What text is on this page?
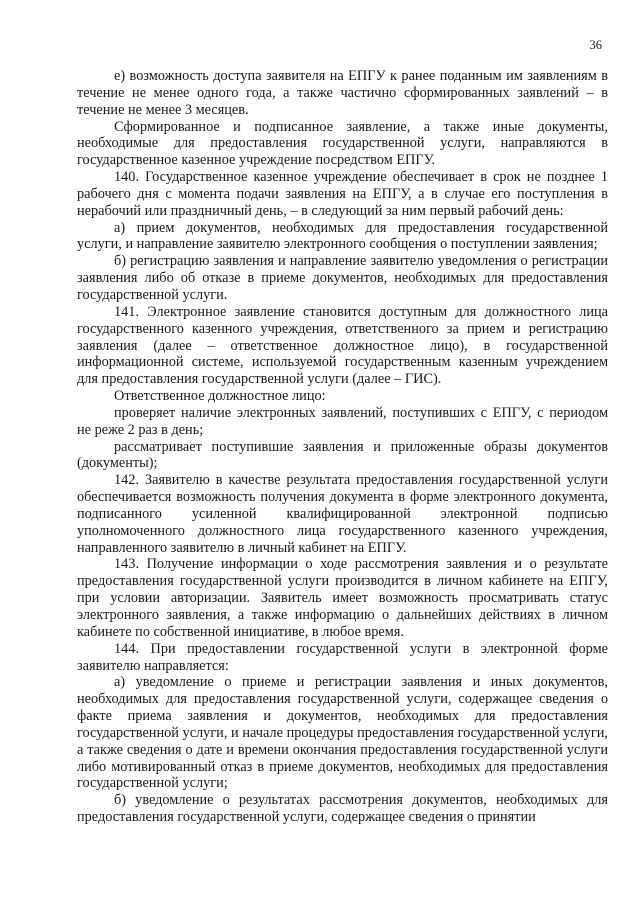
36

е) возможность доступа заявителя на ЕПГУ к ранее поданным им заявлениям в течение не менее одного года, а также частично сформированных заявлений – в течение не менее 3 месяцев.

Сформированное и подписанное заявление, а также иные документы, необходимые для предоставления государственной услуги, направляются в государственное казенное учреждение посредством ЕПГУ.

140. Государственное казенное учреждение обеспечивает в срок не позднее 1 рабочего дня с момента подачи заявления на ЕПГУ, а в случае его поступления в нерабочий или праздничный день, – в следующий за ним первый рабочий день:

а) прием документов, необходимых для предоставления государственной услуги, и направление заявителю электронного сообщения о поступлении заявления;

б) регистрацию заявления и направление заявителю уведомления о регистрации заявления либо об отказе в приеме документов, необходимых для предоставления государственной услуги.

141. Электронное заявление становится доступным для должностного лица государственного казенного учреждения, ответственного за прием и регистрацию заявления (далее – ответственное должностное лицо), в государственной информационной системе, используемой государственным казенным учреждением для предоставления государственной услуги (далее – ГИС).

Ответственное должностное лицо:

проверяет наличие электронных заявлений, поступивших с ЕПГУ, с периодом не реже 2 раз в день;

рассматривает поступившие заявления и приложенные образы документов (документы);

142. Заявителю в качестве результата предоставления государственной услуги обеспечивается возможность получения документа в форме электронного документа, подписанного усиленной квалифицированной электронной подписью уполномоченного должностного лица государственного казенного учреждения, направленного заявителю в личный кабинет на ЕПГУ.

143. Получение информации о ходе рассмотрения заявления и о результате предоставления государственной услуги производится в личном кабинете на ЕПГУ, при условии авторизации. Заявитель имеет возможность просматривать статус электронного заявления, а также информацию о дальнейших действиях в личном кабинете по собственной инициативе, в любое время.

144. При предоставлении государственной услуги в электронной форме заявителю направляется:

а) уведомление о приеме и регистрации заявления и иных документов, необходимых для предоставления государственной услуги, содержащее сведения о факте приема заявления и документов, необходимых для предоставления государственной услуги, и начале процедуры предоставления государственной услуги, а также сведения о дате и времени окончания предоставления государственной услуги либо мотивированный отказ в приеме документов, необходимых для предоставления государственной услуги;

б) уведомление о результатах рассмотрения документов, необходимых для предоставления государственной услуги, содержащее сведения о принятии
